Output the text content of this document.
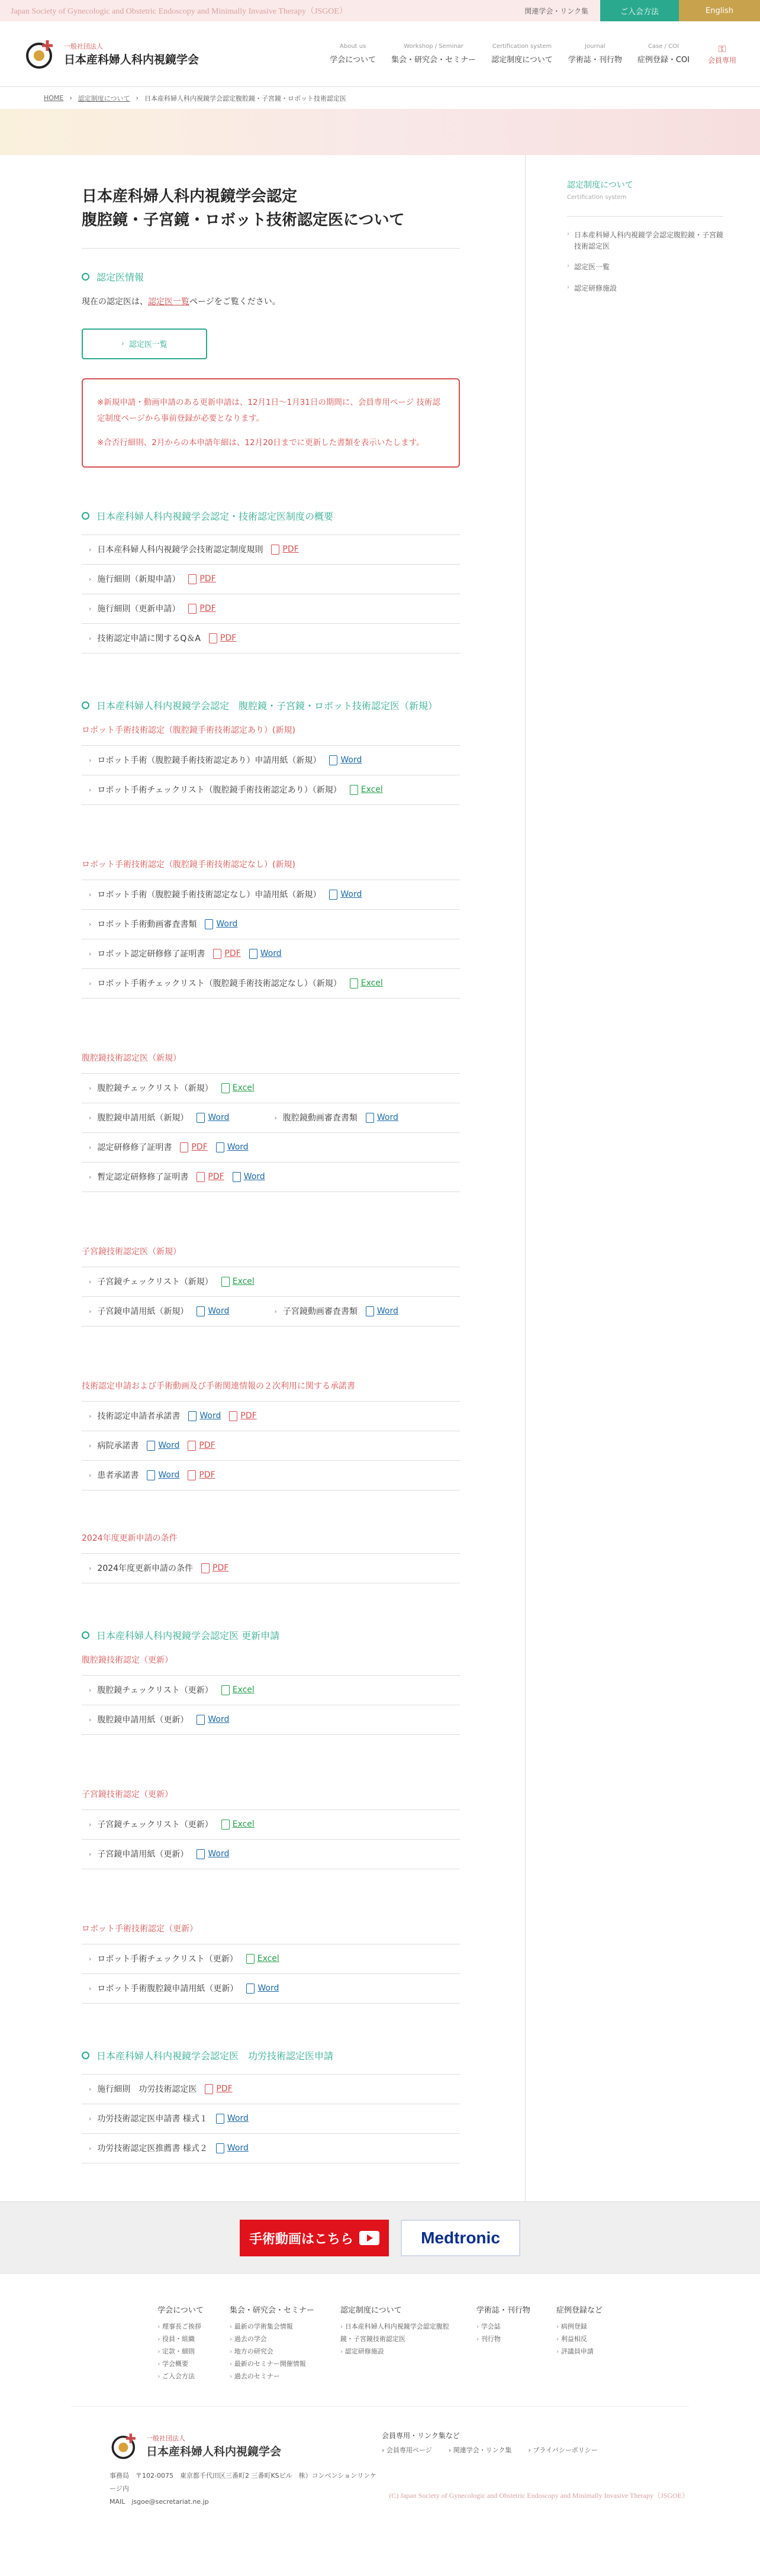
Japan Society of Gynecologic and Obstetric Endoscopy and Minimally Invasive Therapy（JSGOE）	関連学会・リンク集	ご入会方法	English
一般社団法人
日本産科婦人科内視鏡学会
About us
学会について
Workshop / Seminar
集会・研究会・セミナー
Certification system
認定制度について
Journal
学術誌・刊行物
Case / COI
症例登録・COI
⚿
会員専用
HOME › 認定制度について › 日本産科婦人科内視鏡学会認定腹腔鏡・子宮鏡・ロボット技術認定医
日本産科婦人科内視鏡学会認定
腹腔鏡・子宮鏡・ロボット技術認定医について
認定医情報

現在の認定医は、認定医一覧ページをご覧ください。

› 認定医一覧

※新規申請・動画申請のある更新申請は、12月1日～1月31日の期間に、会員専用ページ 技術認定制度ページから事前登録が必要となります。

※合否行細則、2月からの本申請年細は、12月20日までに更新した書類を表示いたします。

日本産科婦人科内視鏡学会認定・技術認定医制度の概要
› 日本産科婦人科内視鏡学会技術認定制度規則 PDF
› 施行細則（新規申請） PDF
› 施行細則（更新申請） PDF
› 技術認定申請に関するQ＆A PDF
日本産科婦人科内視鏡学会認定　腹腔鏡・子宮鏡・ロボット技術認定医（新規）
ロボット手術技術認定（腹腔鏡手術技術認定あり）(新規)
› ロボット手術（腹腔鏡手術技術認定あり）申請用紙（新規） Word
› ロボット手術チェックリスト（腹腔鏡手術技術認定あり）（新規） Excel
ロボット手術技術認定（腹腔鏡手術技術認定なし）(新規)
› ロボット手術（腹腔鏡手術技術認定なし）申請用紙（新規） Word
› ロボット手術動画審査書類 Word
› ロボット認定研修修了証明書 PDF Word
› ロボット手術チェックリスト（腹腔鏡手術技術認定なし）（新規） Excel
腹腔鏡技術認定医（新規）
› 腹腔鏡チェックリスト（新規） Excel
› 腹腔鏡申請用紙（新規） Word	› 腹腔鏡動画審査書類 Word
› 認定研修修了証明書 PDF Word
› 暫定認定研修修了証明書 PDF Word
子宮鏡技術認定医（新規）
› 子宮鏡チェックリスト（新規） Excel
› 子宮鏡申請用紙（新規） Word	› 子宮鏡動画審査書類 Word
技術認定申請および手術動画及び手術関連情報の２次利用に関する承諾書
› 技術認定申請者承諾書 Word PDF
› 病院承諾書 Word PDF
› 患者承諾書 Word PDF
2024年度更新申請の条件
› 2024年度更新申請の条件 PDF
日本産科婦人科内視鏡学会認定医 更新申請
腹腔鏡技術認定（更新）
› 腹腔鏡チェックリスト（更新） Excel
› 腹腔鏡申請用紙（更新） Word
子宮鏡技術認定（更新）
› 子宮鏡チェックリスト（更新） Excel
› 子宮鏡申請用紙（更新） Word
ロボット手術技術認定（更新）
› ロボット手術チェックリスト（更新） Excel
› ロボット手術腹腔鏡申請用紙（更新） Word
日本産科婦人科内視鏡学会認定医　功労技術認定医申請
› 施行細則　功労技術認定医 PDF
› 功労技術認定医申請書 様式１ Word
› 功労技術認定医推薦書 様式２ Word
認定制度について
Certification system
› 日本産科婦人科内視鏡学会認定腹腔鏡・子宮鏡技術認定医
› 認定医一覧
› 認定研修施設
手術動画はこちら	Medtronic
学会について
› 理事長ご挨拶
› 役員・組織
› 定款・細則
› 学会概要
› ご入会方法
集会・研究会・セミナー
› 最新の学術集会情報
› 過去の学会
› 地方の研究会
› 最新のセミナー開催情報
› 過去のセミナー
認定制度について
› 日本産科婦人科内視鏡学会認定腹腔鏡・子宮鏡技術認定医
› 認定研修施設
学術誌・刊行物
› 学会誌
› 刊行物
症例登録など
› 病例登録
› 利益相反
› 評議員申請
一般社団法人
日本産科婦人科内視鏡学会
事務局　 〒102-0075　東京都千代田区三番町2 三番町KSビル　株）コンベンションリンケージ内
MAIL　 jsgoe@secretariat.ne.jp
会員専用・リンク集など
› 会員専用ページ	› 関連学会・リンク集	› プライバシーポリシー
(C) Japan Society of Gynecologic and Obstetric Endoscopy and Minimally Invasive Therapy（JSGOE）
